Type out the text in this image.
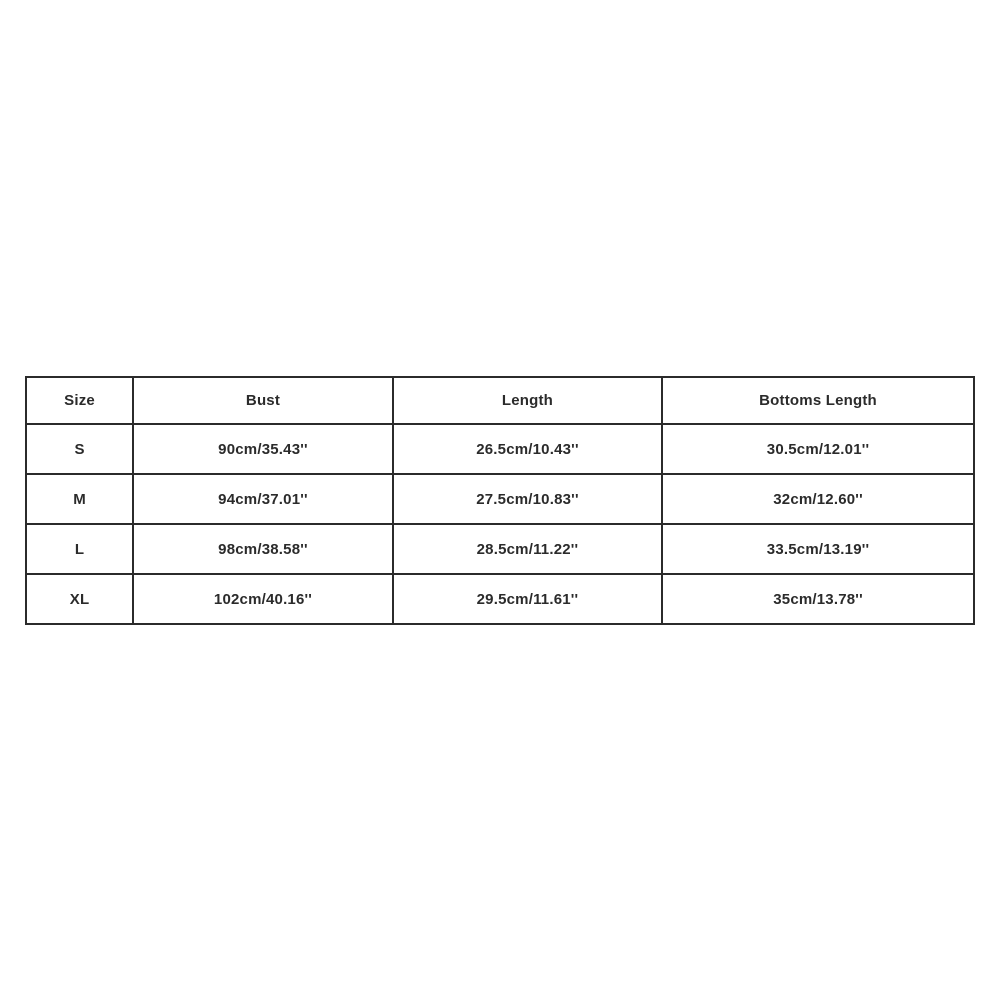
Size	Bust	Length	Bottoms Length
S	90cm/35.43''	26.5cm/10.43''	30.5cm/12.01''
M	94cm/37.01''	27.5cm/10.83''	32cm/12.60''
L	98cm/38.58''	28.5cm/11.22''	33.5cm/13.19''
XL	102cm/40.16''	29.5cm/11.61''	35cm/13.78''
